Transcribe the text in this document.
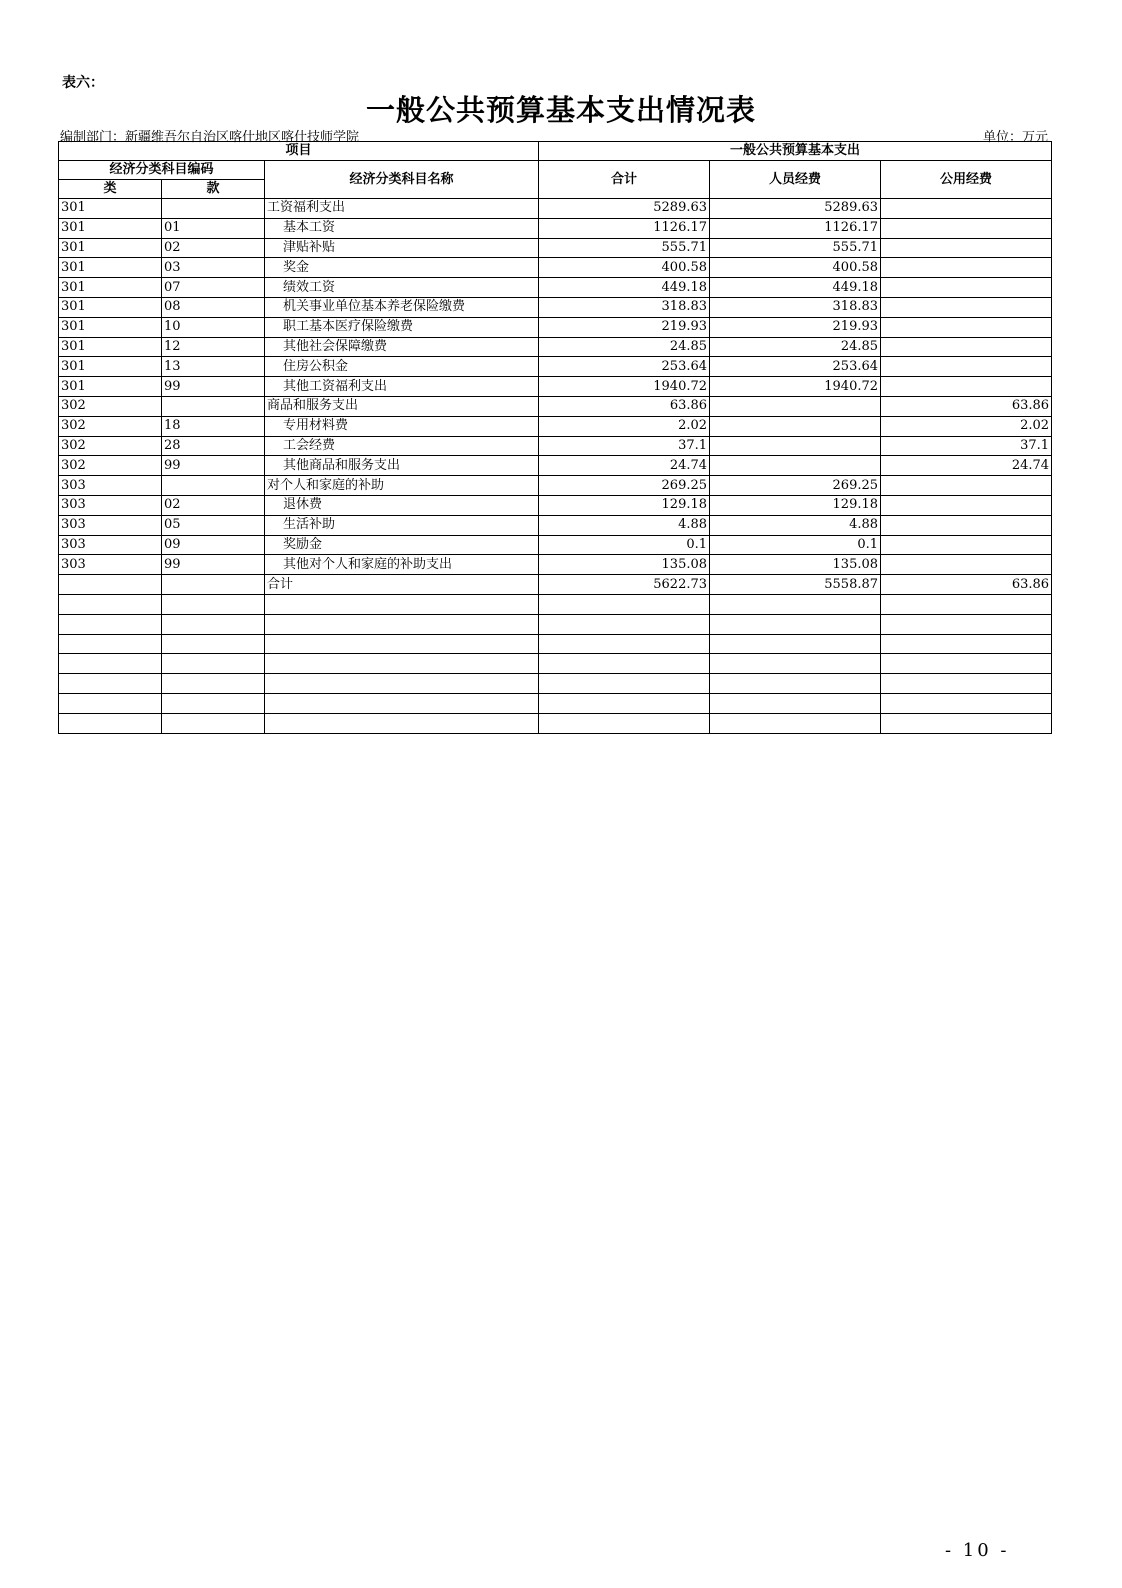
表六：
一般公共预算基本支出情况表
编制部门：新疆维吾尔自治区喀什地区喀什技师学院	单位：万元
项目			一般公共预算基本支出		
经济分类科目编码		经济分类科目名称	合计	人员经费	公用经费
类	款				
301		工资福利支出	5289.63	5289.63	
301	01	基本工资	1126.17	1126.17	
301	02	津贴补贴	555.71	555.71	
301	03	奖金	400.58	400.58	
301	07	绩效工资	449.18	449.18	
301	08	机关事业单位基本养老保险缴费	318.83	318.83	
301	10	职工基本医疗保险缴费	219.93	219.93	
301	12	其他社会保障缴费	24.85	24.85	
301	13	住房公积金	253.64	253.64	
301	99	其他工资福利支出	1940.72	1940.72	
302		商品和服务支出	63.86		63.86
302	18	专用材料费	2.02		2.02
302	28	工会经费	37.1		37.1
302	99	其他商品和服务支出	24.74		24.74
303		对个人和家庭的补助	269.25	269.25	
303	02	退休费	129.18	129.18	
303	05	生活补助	4.88	4.88	
303	09	奖励金	0.1	0.1	
303	99	其他对个人和家庭的补助支出	135.08	135.08	
		合计	5622.73	5558.87	63.86

- 10 -
